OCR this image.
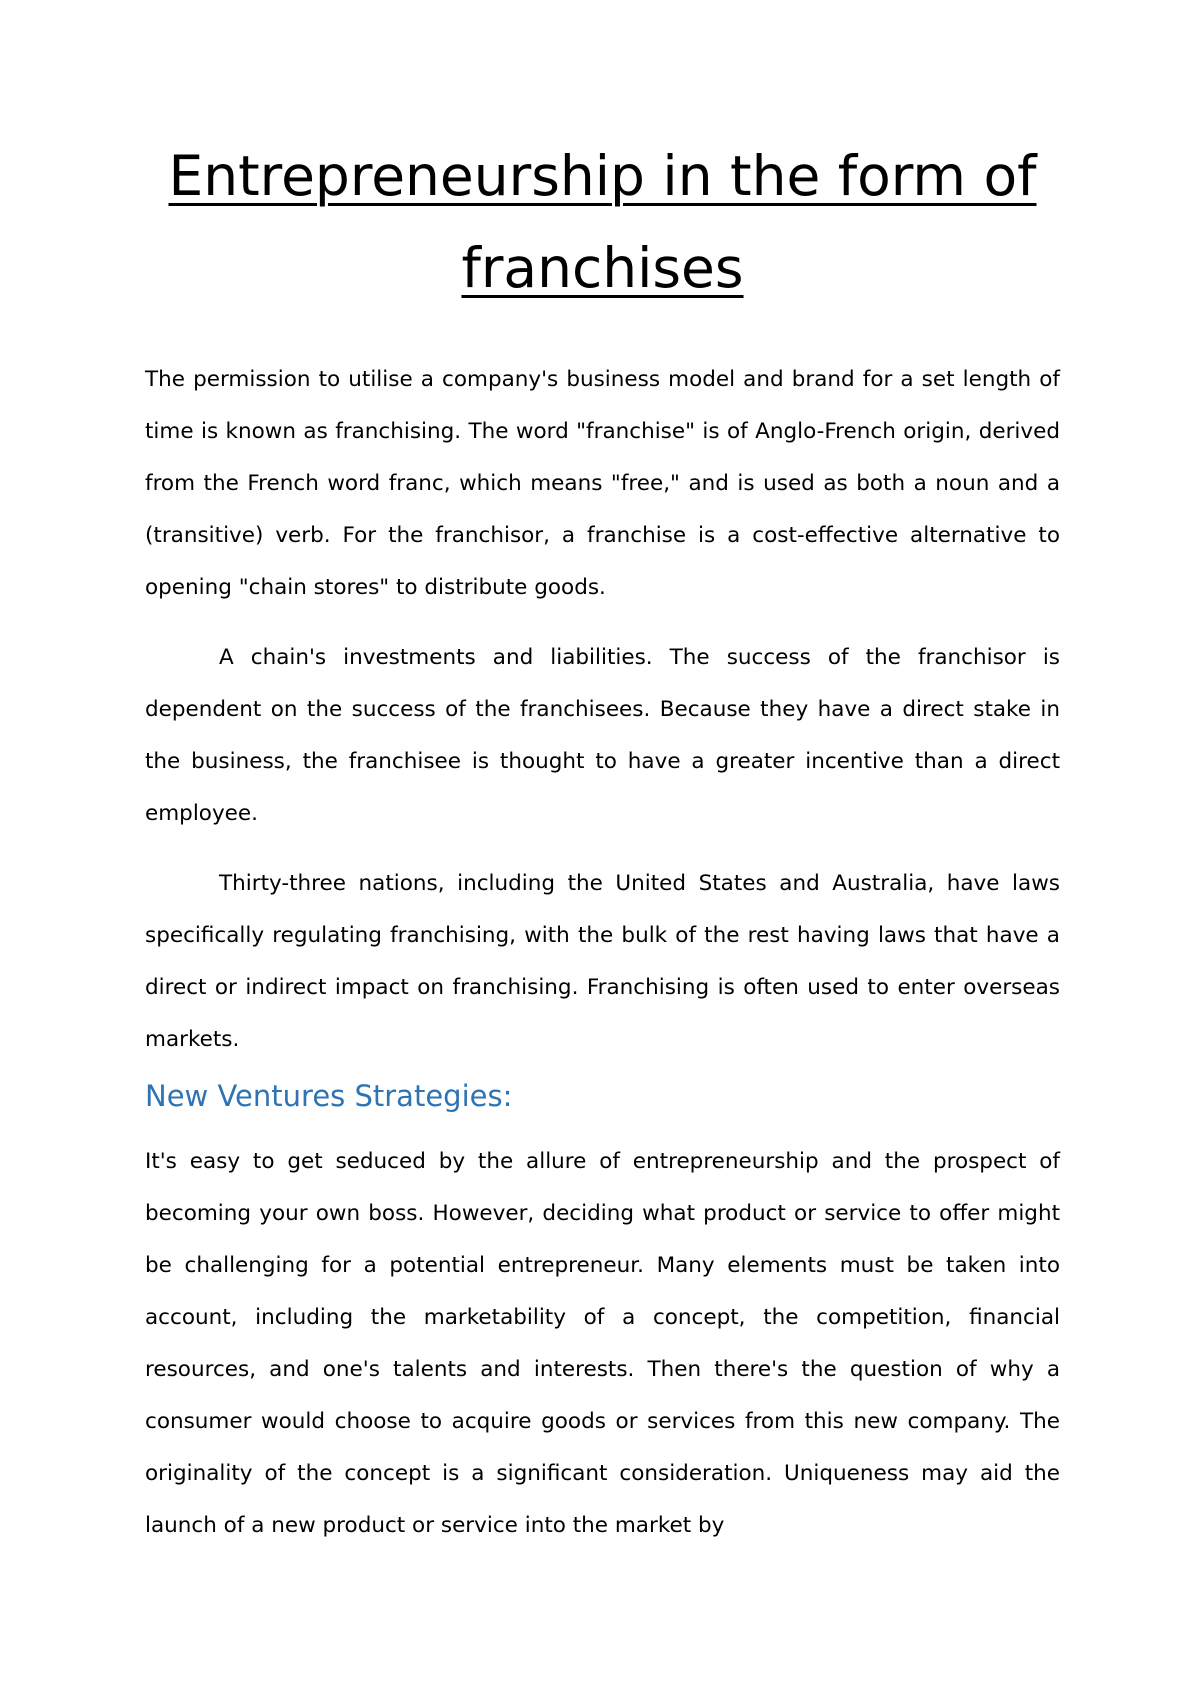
Entrepreneurship in the form of franchises

The permission to utilise a company's business model and brand for a set length of time is known as franchising. The word "franchise" is of Anglo-French origin, derived from the French word franc, which means "free," and is used as both a noun and a (transitive) verb. For the franchisor, a franchise is a cost-effective alternative to opening "chain stores" to distribute goods.

A chain's investments and liabilities. The success of the franchisor is dependent on the success of the franchisees. Because they have a direct stake in the business, the franchisee is thought to have a greater incentive than a direct employee.

Thirty-three nations, including the United States and Australia, have laws specifically regulating franchising, with the bulk of the rest having laws that have a direct or indirect impact on franchising. Franchising is often used to enter overseas markets.

New Ventures Strategies:

It's easy to get seduced by the allure of entrepreneurship and the prospect of becoming your own boss. However, deciding what product or service to offer might be challenging for a potential entrepreneur. Many elements must be taken into account, including the marketability of a concept, the competition, financial resources, and one's talents and interests. Then there's the question of why a consumer would choose to acquire goods or services from this new company. The originality of the concept is a significant consideration. Uniqueness may aid the launch of a new product or service into the market by
